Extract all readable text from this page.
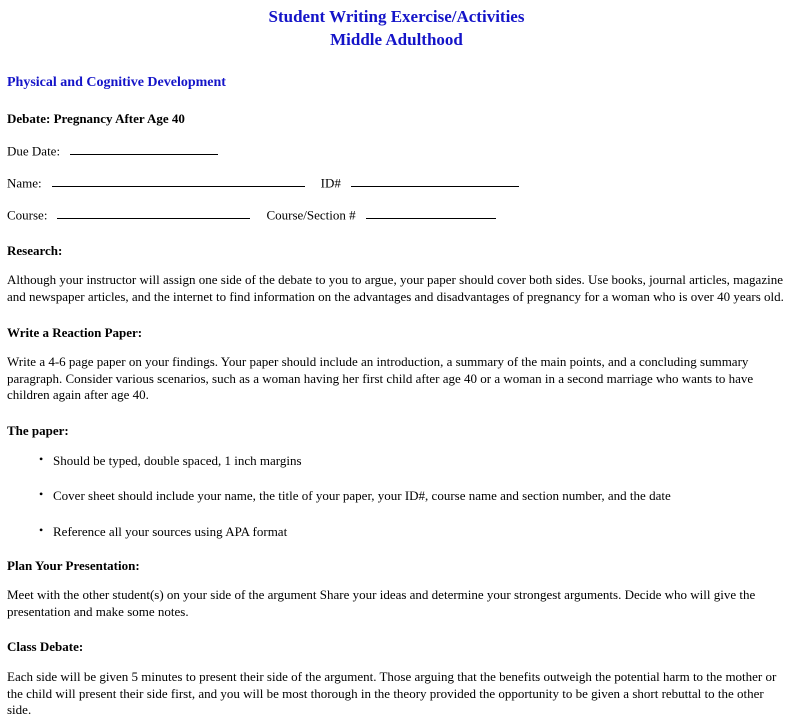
Student Writing Exercise/Activities
Middle Adulthood
Physical and Cognitive Development
Debate: Pregnancy After Age 40
Due Date:
Name:	ID#
Course:	Course/Section #
Research:

Although your instructor will assign one side of the debate to you to argue, your paper should cover both sides. Use books, journal articles, magazine and newspaper articles, and the internet to find information on the advantages and disadvantages of pregnancy for a woman who is over 40 years old.

Write a Reaction Paper:

Write a 4-6 page paper on your findings. Your paper should include an introduction, a summary of the main points, and a concluding summary paragraph. Consider various scenarios, such as a woman having her first child after age 40 or a woman in a second marriage who wants to have children again after age 40.

The paper:
• Should be typed, double spaced, 1 inch margins
• Cover sheet should include your name, the title of your paper, your ID#, course name and section number, and the date
• Reference all your sources using APA format
Plan Your Presentation:

Meet with the other student(s) on your side of the argument Share your ideas and determine your strongest arguments. Decide who will give the presentation and make some notes.

Class Debate:

Each side will be given 5 minutes to present their side of the argument. Those arguing that the benefits outweigh the potential harm to the mother or the child will present their side first, and you will be most thorough in the theory provided the opportunity to be given a short rebuttal to the other side.
